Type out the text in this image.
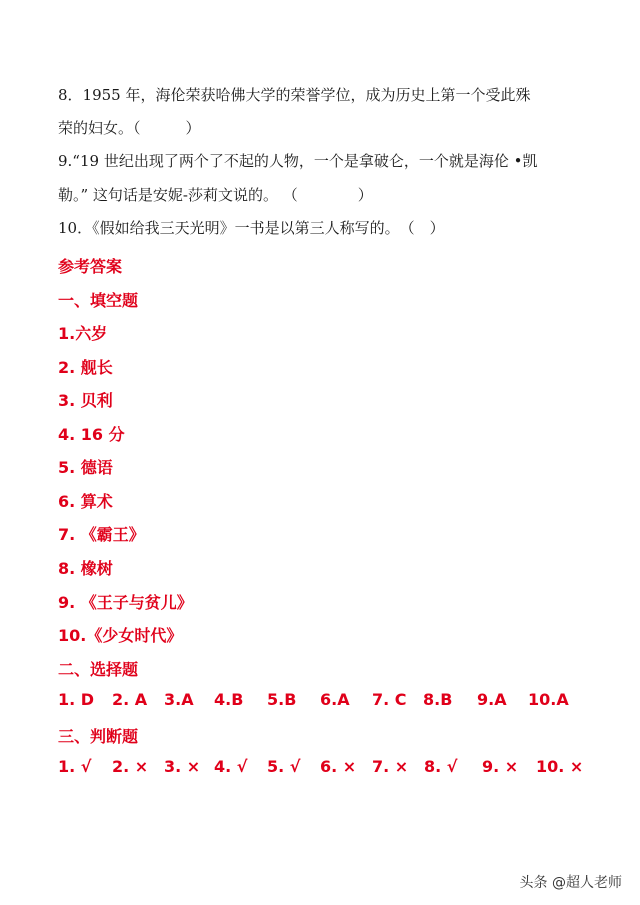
8．1955 年，海伦荣获哈佛大学的荣誉学位，成为历史上第一个受此殊
荣的妇女。（　　　）
9.“19 世纪出现了两个了不起的人物，一个是拿破仑，一个就是海伦 •凯
勒。” 这句话是安妮-莎莉文说的。 （　　　　）
10．《假如给我三天光明》一书是以第三人称写的。　（　）
参考答案
一、填空题
1.六岁
2. 舰长
3. 贝利
4. 16 分
5. 德语
6. 算术
7. 《霸王》
8. 橡树
9. 《王子与贫儿》
10.《少女时代》
二、选择题
1. D 2. A 3.A 4.B 5.B 6.A 7. C 8.B 9.A 10.A
三、判断题
1. √ 2. × 3. × 4. √ 5. √ 6. × 7. × 8. √ 9. × 10. ×
头条 @超人老师
